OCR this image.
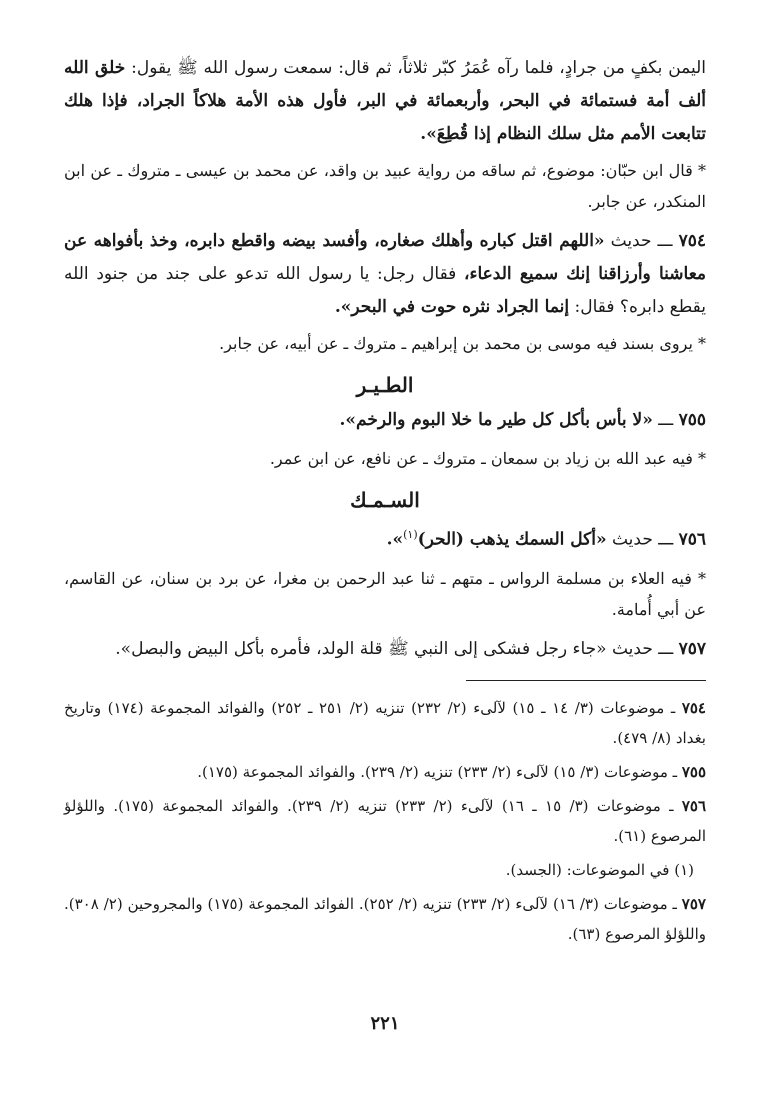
اليمن بكفٍ من جرادٍ، فلما رآه عُمَرُ كبّر ثلاثاً، ثم قال: سمعت رسول الله ﷺ يقول: خلق الله ألف أمة فستمائة في البحر، وأربعمائة في البر، فأول هذه الأمة هلاكاً الجراد، فإذا هلك تتابعت الأمم مثل سلك النظام إذا قُطِعَ».

* قال ابن حبّان: موضوع، ثم ساقه من رواية عبيد بن واقد، عن محمد بن عيسى ـ متروك ـ عن ابن المنكدر، عن جابر.

٧٥٤ ـــ حديث «اللهم اقتل كباره وأهلك صغاره، وأفسد بيضه واقطع دابره، وخذ بأفواهه عن معاشنا وأرزاقنا إنك سميع الدعاء، فقال رجل: يا رسول الله تدعو على جند من جنود الله يقطع دابره؟ فقال: إنما الجراد نثره حوت في البحر».

* يروى بسند فيه موسى بن محمد بن إبراهيم ـ متروك ـ عن أبيه، عن جابر.

الطـيـر

٧٥٥ ـــ «لا بأس بأكل كل طير ما خلا البوم والرخم».

* فيه عبد الله بن زياد بن سمعان ـ متروك ـ عن نافع، عن ابن عمر.

السـمـك

٧٥٦ ـــ حديث «أكل السمك يذهب (الحر)$^{(١)}$».

* فيه العلاء بن مسلمة الرواس ـ متهم ـ ثنا عبد الرحمن بن مغرا، عن برد بن سنان، عن القاسم، عن أبي أُمامة.

٧٥٧ ـــ حديث «جاء رجل فشكى إلى النبي ﷺ قلة الولد، فأمره بأكل البيض والبصل».

٧٥٤ ـ موضوعات (٣/ ١٤ ـ ١٥) لآلىء (٢/ ٢٣٢) تنزيه (٢/ ٢٥١ ـ ٢٥٢) والفوائد المجموعة (١٧٤) وتاريخ بغداد (٨/ ٤٧٩).

٧٥٥ ـ موضوعات (٣/ ١٥) لآلىء (٢/ ٢٣٣) تنزيه (٢/ ٢٣٩). والفوائد المجموعة (١٧٥).

٧٥٦ ـ موضوعات (٣/ ١٥ ـ ١٦) لآلىء (٢/ ٢٣٣) تنزيه (٢/ ٢٣٩). والفوائد المجموعة (١٧٥). واللؤلؤ المرصوع (٦١).

(١) في الموضوعات: (الجسد).

٧٥٧ ـ موضوعات (٣/ ١٦) لآلىء (٢/ ٢٣٣) تنزيه (٢/ ٢٥٢). الفوائد المجموعة (١٧٥) والمجروحين (٢/ ٣٠٨). واللؤلؤ المرصوع (٦٣).

٢٢١
